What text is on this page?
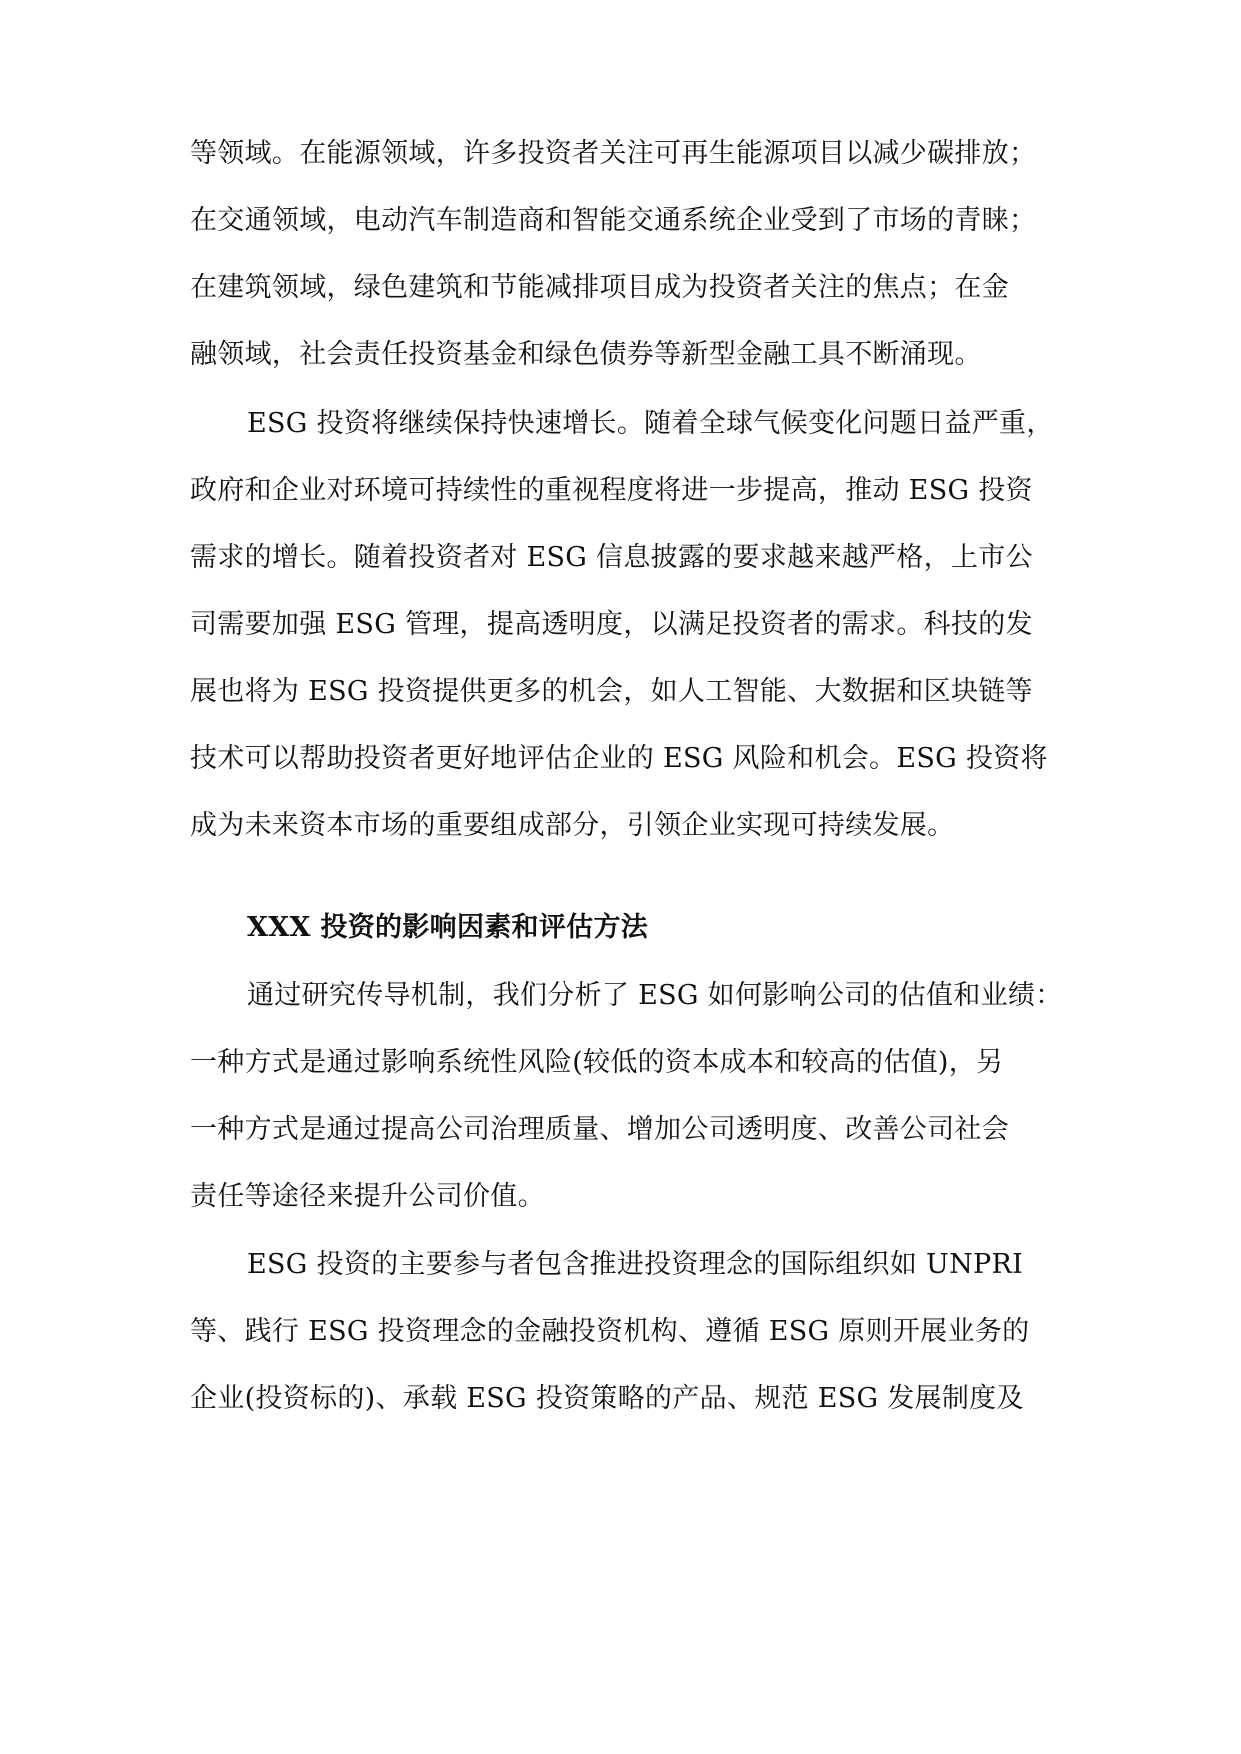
等领域。在能源领域，许多投资者关注可再生能源项目以减少碳排放；
在交通领域，电动汽车制造商和智能交通系统企业受到了市场的青睐；
在建筑领域，绿色建筑和节能减排项目成为投资者关注的焦点；在金
融领域，社会责任投资基金和绿色债券等新型金融工具不断涌现。
ESG 投资将继续保持快速增长。随着全球气候变化问题日益严重，
政府和企业对环境可持续性的重视程度将进一步提高，推动 ESG 投资
需求的增长。随着投资者对 ESG 信息披露的要求越来越严格，上市公
司需要加强 ESG 管理，提高透明度，以满足投资者的需求。科技的发
展也将为 ESG 投资提供更多的机会，如人工智能、大数据和区块链等
技术可以帮助投资者更好地评估企业的 ESG 风险和机会。ESG 投资将
成为未来资本市场的重要组成部分，引领企业实现可持续发展。
XXX 投资的影响因素和评估方法
通过研究传导机制，我们分析了 ESG 如何影响公司的估值和业绩：
一种方式是通过影响系统性风险(较低的资本成本和较高的估值)，另
一种方式是通过提高公司治理质量、增加公司透明度、改善公司社会
责任等途径来提升公司价值。
ESG 投资的主要参与者包含推进投资理念的国际组织如 UNPRI
等、践行 ESG 投资理念的金融投资机构、遵循 ESG 原则开展业务的
企业(投资标的)、承载 ESG 投资策略的产品、规范 ESG 发展制度及
